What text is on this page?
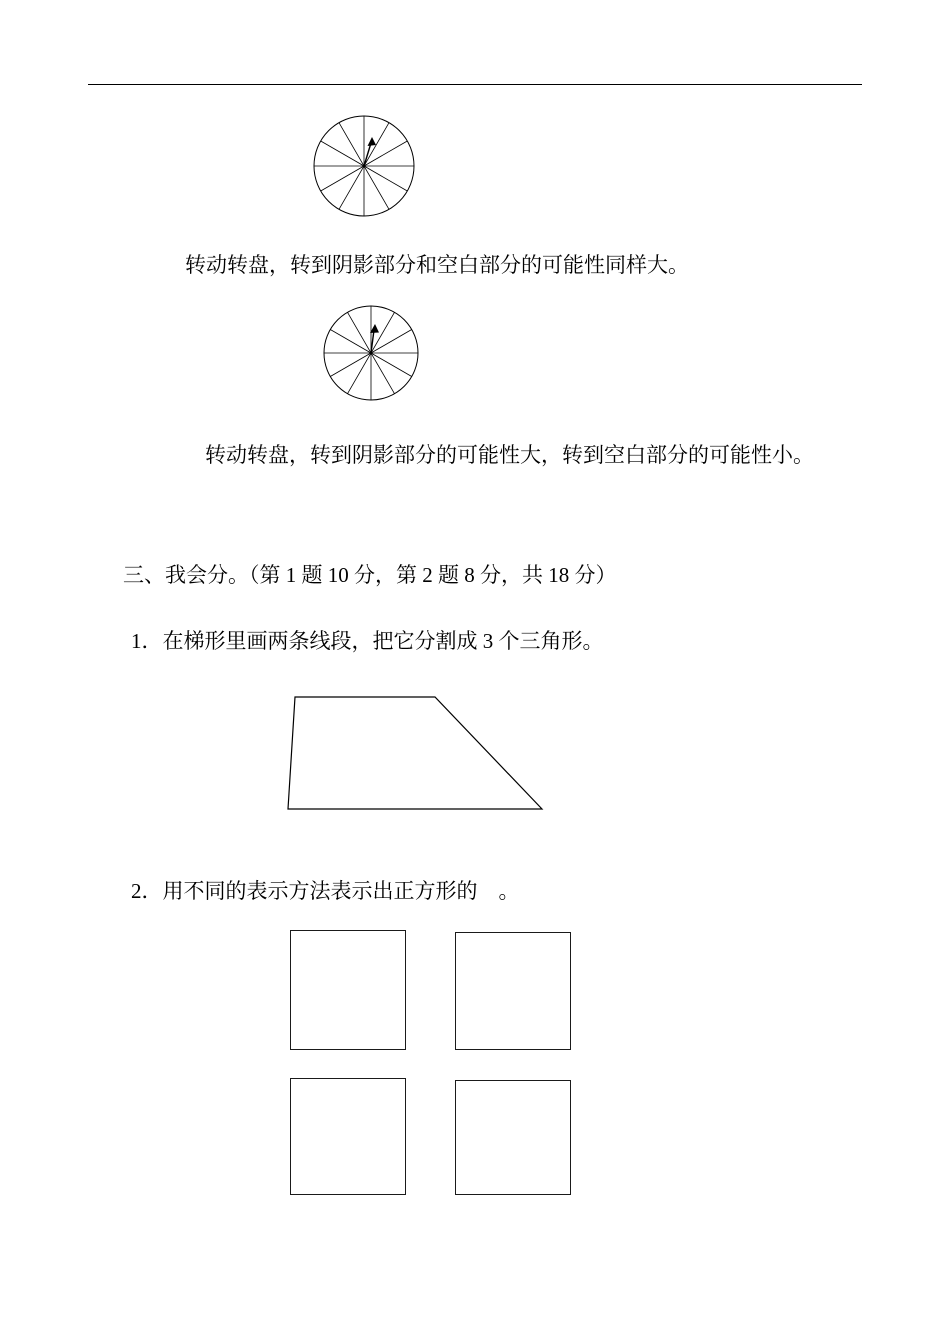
转动转盘，转到阴影部分和空白部分的可能性同样大。
转动转盘，转到阴影部分的可能性大，转到空白部分的可能性小。
三、我会分。（第 1 题 10 分，第 2 题 8 分，共 18 分）
1．在梯形里画两条线段，把它分割成 3 个三角形。
2．用不同的表示方法表示出正方形的　。
